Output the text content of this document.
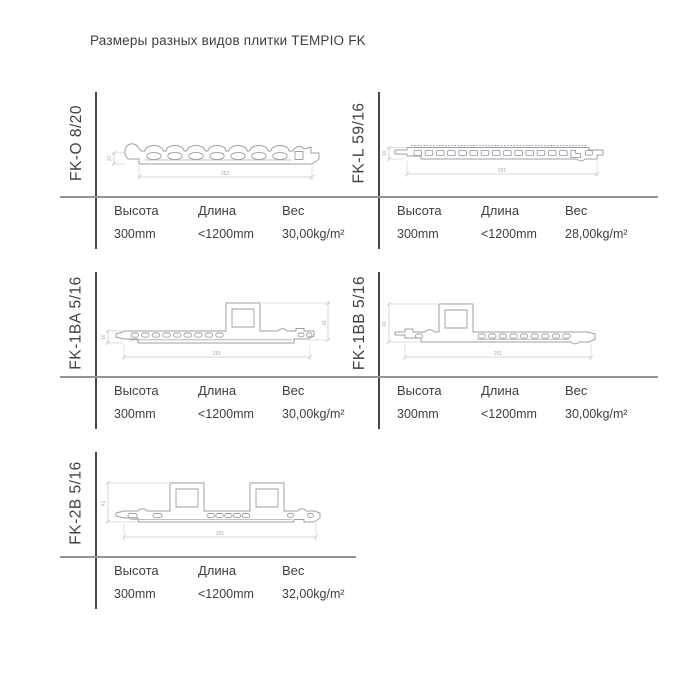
Размеры разных видов плитки TEMPIO FK
FK-O 8/20	252
20
Высота	Длина	Вес
300mm	<1200mm	30,00kg/m²
FK-L 59/16	251
16
Высота	Длина	Вес
300mm	<1200mm	28,00kg/m²
FK-1BA 5/16	291
41
16
Высота	Длина	Вес
300mm	<1200mm	30,00kg/m²
FK-1BB 5/16	291
41
Высота	Длина	Вес
300mm	<1200mm	30,00kg/m²
FK-2B 5/16	291
41
Высота	Длина	Вес
300mm	<1200mm	32,00kg/m²
